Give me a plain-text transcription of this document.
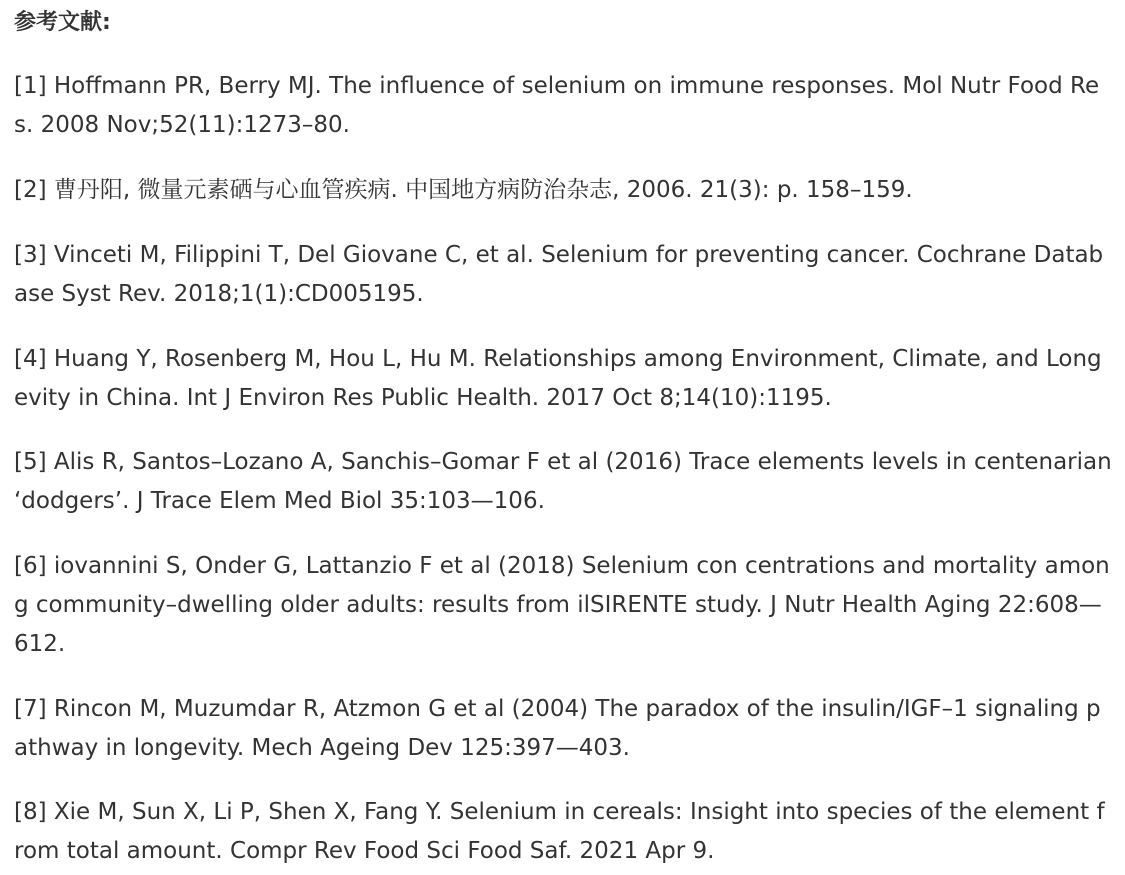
参考文献:
[1] Hoffmann PR, Berry MJ. The influence of selenium on immune responses. Mol Nutr Food Res. 2008 Nov;52(11):1273–80.
[2] 曹丹阳, 微量元素硒与心血管疾病. 中国地方病防治杂志, 2006. 21(3): p. 158–159.
[3] Vinceti M, Filippini T, Del Giovane C, et al. Selenium for preventing cancer. Cochrane Database Syst Rev. 2018;1(1):CD005195.
[4] Huang Y, Rosenberg M, Hou L, Hu M. Relationships among Environment, Climate, and Longevity in China. Int J Environ Res Public Health. 2017 Oct 8;14(10):1195.
[5] Alis R, Santos–Lozano A, Sanchis–Gomar F et al (2016) Trace elements levels in centenarian ‘dodgers’. J Trace Elem Med Biol 35:103—106.
[6] iovannini S, Onder G, Lattanzio F et al (2018) Selenium con centrations and mortality among community–dwelling older adults: results from ilSIRENTE study. J Nutr Health Aging 22:608—612.
[7] Rincon M, Muzumdar R, Atzmon G et al (2004) The paradox of the insulin/IGF–1 signaling pathway in longevity. Mech Ageing Dev 125:397—403.
[8] Xie M, Sun X, Li P, Shen X, Fang Y. Selenium in cereals: Insight into species of the element from total amount. Compr Rev Food Sci Food Saf. 2021 Apr 9.
